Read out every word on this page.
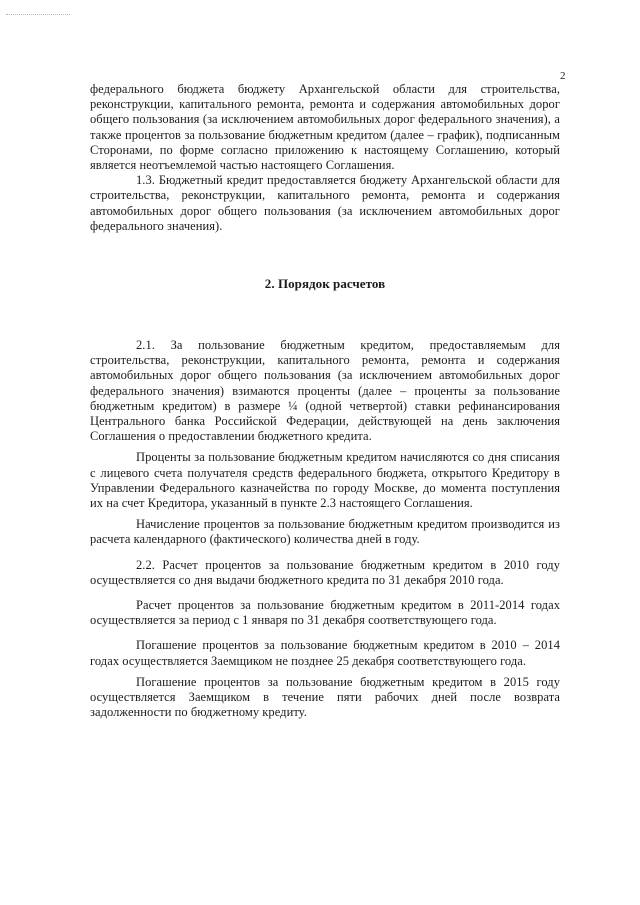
2

федерального бюджета бюджету Архангельской области для строительства, реконструкции, капитального ремонта, ремонта и содержания автомобильных дорог общего пользования (за исключением автомобильных дорог федерального значения), а также процентов за пользование бюджетным кредитом (далее – график), подписанным Сторонами, по форме согласно приложению к настоящему Соглашению, который является неотъемлемой частью настоящего Соглашения.

1.3. Бюджетный кредит предоставляется бюджету Архангельской области для строительства, реконструкции, капитального ремонта, ремонта и содержания автомобильных дорог общего пользования (за исключением автомобильных дорог федерального значения).

2. Порядок расчетов

2.1. За пользование бюджетным кредитом, предоставляемым для строительства, реконструкции, капитального ремонта, ремонта и содержания автомобильных дорог общего пользования (за исключением автомобильных дорог федерального значения) взимаются проценты (далее – проценты за пользование бюджетным кредитом) в размере ¼ (одной четвертой) ставки рефинансирования Центрального банка Российской Федерации, действующей на день заключения Соглашения о предоставлении бюджетного кредита.

Проценты за пользование бюджетным кредитом начисляются со дня списания с лицевого счета получателя средств федерального бюджета, открытого Кредитору в Управлении Федерального казначейства по городу Москве, до момента поступления их на счет Кредитора, указанный в пункте 2.3 настоящего Соглашения.

Начисление процентов за пользование бюджетным кредитом производится из расчета календарного (фактического) количества дней в году.

2.2. Расчет процентов за пользование бюджетным кредитом в 2010 году осуществляется со дня выдачи бюджетного кредита по 31 декабря 2010 года.

Расчет процентов за пользование бюджетным кредитом в 2011-2014 годах осуществляется за период с 1 января по 31 декабря соответствующего года.

Погашение процентов за пользование бюджетным кредитом в 2010 – 2014 годах осуществляется Заемщиком не позднее 25 декабря соответствующего года.

Погашение процентов за пользование бюджетным кредитом в 2015 году осуществляется Заемщиком в течение пяти рабочих дней после возврата задолженности по бюджетному кредиту.
